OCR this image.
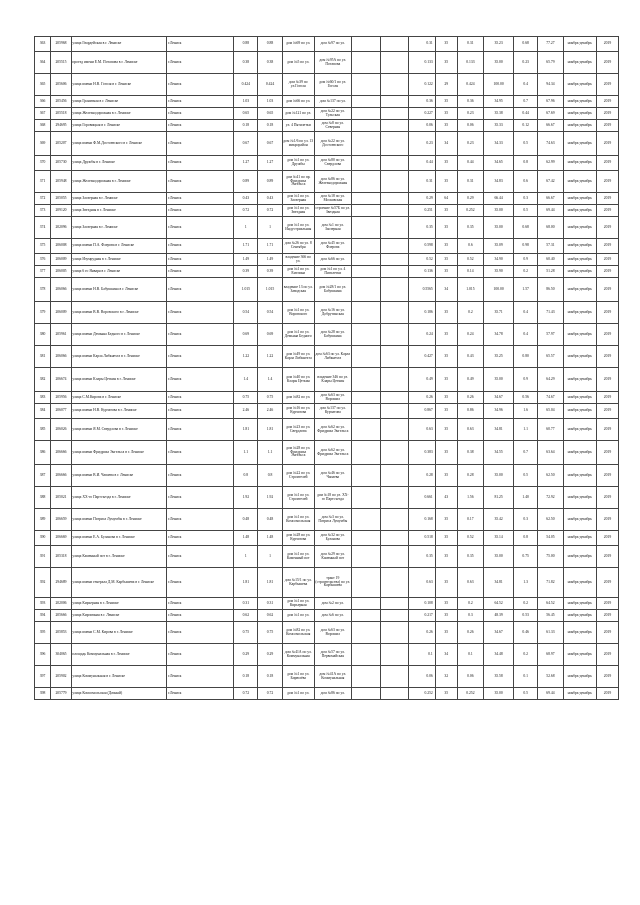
363	205968	улица Гвардейская в г. Лениске	г.Лениск	0.88	0.88	дом №69 по ул.	дом №97 по ул.			0.31	35	0.31	35.23	0.68	77.27	ноябрь-декабрь	2019
364	205515	проезд имени Е.М. Потапова в г. Лениске	г.Лениск	0.38	0.38	дом №5 по ул.	дом №95А по ул. Потапова			0.133	35	0.133	35.00	0.23	65.79	ноябрь-декабрь	2019
365	205606	улица имени Н.В. Гоголя в г. Лениске	г.Лениск	0.424	0.424	дом №39 по ул.Гоголя	дом №60/1 по ул. Гоголя			0.122	29	0.424	100.00	0.4	94.34	ноябрь-декабрь	2019
366	205456	улица Гранитная в г. Лениске	г.Лениск	1.03	1.03	дом №66 по ул.	дом №137 по ул.			0.36	35	0.36	34.95	0.7	67.96	ноябрь-декабрь	2019
367	205518	улица Железнодорожная в г. Лениске	г.Лениск	0.65	0.65	дом №121 по ул.	дом №22 по ул. Тульская			0.227	35	0.23	35.38	0.44	67.69	ноябрь-декабрь	2019
368	294695	улица Горовицкая в г. Лениске	г.Лениск	0.18	0.18	ул. 4 Пятилетки	дом №8 по ул. Северная			0.06	35	0.06	35.33	0.12	66.67	ноябрь-декабрь	2019
369	205207	улица имени Ф.М.Достоевского в г. Лениске	г.Лениск	0.67	0.67	дом №1/6 по ул. 13 микрорайон	дом №22 по ул. Достоевского			0.23	34	0.23	34.33	0.5	74.63	ноябрь-декабрь	2019
370	205730	улица Дружбы в г. Лениске	г.Лениск	1.27	1.27	дом №1 по ул. Дружбы	дом №80 по ул. Свердлова			0.44	35	0.44	34.65	0.8	62.99	ноябрь-декабрь	2019
371	205948	улица Железнодорожная в г. Лениске	г.Лениск	0.89	0.89	дом №41 по пр. Фридриха Энгельса	дом №86 по ул. Железнодорожная			0.31	35	0.31	34.83	0.6	67.42	ноябрь-декабрь	2019
372	205055	улица Заозерная в г. Лениске	г.Лениск	0.43	0.43	дом №1 по ул. Заозерная	дом №18 по ул. Московская			0.29	64	0.29	66.44	0.3	66.67	ноябрь-декабрь	2019
373	209120	улица Звездная в г. Лениске	г.Лениск	0.72	0.72	дом №1 по ул. Звездная	строение №57Б по ул. Звездная			0.251	35	0.252	35.00	0.5	69.44	ноябрь-декабрь	2019
374	202096	улица Заозерная в г. Лениске	г.Лениск	1	1	дом №1 по ул. Индустриальная	дом №1 по ул. Заозерная			0.35	35	0.35	35.00	0.68	68.00	ноябрь-декабрь	2019
375	206008	улица имени П.А. Флерова в г. Лениске	г.Лениск	1.71	1.71	дом №26 по ул. 8 Сентября	дом №45 по ул. Флерова			0.598	35	0.6	35.09	0.98	57.31	ноябрь-декабрь	2019
376	206009	улица Изумрудная в г. Лениске	г.Лениск	1.49	1.49	владение 366 по ул.	дом №66 по ул.			0.52	35	0.52	34.90	0.9	60.40	ноябрь-декабрь	2019
377	206005	улица 6 го Января в г. Лениске	г.Лениск	0.39	0.39	дом №1 по ул. Емелина	дом №1 по ул. 4 Пятилетки			0.136	35	0.14	35.90	0.2	51.28	ноябрь-декабрь	2019
378	206066	улица имени Н.В. Бабушкина в г. Лениске	г.Лениск	1.015	1.015	владение 13 по ул. Заводская	дом №28/1 по ул. Бабушкина			0.5565	34	1.015	100.00	1.57	86.50	ноябрь-декабрь	2019
379	206009	улица имени В.В. Воровского в г. Лениске	г.Лениск	0.54	0.54	дом №1 по ул. Воровского	дом №16 по ул. Добрутинская			0.186	35	0.2	35.71	0.4	71.43	ноябрь-декабрь	2019
380	205961	улица имени Демьяна Бедного в г. Лениске	г.Лениск	0.69	0.69	дом №1 по ул. Демьяна Бедного	дом №28 по ул. Бабушкина			0.24	35	0.24	34.78	0.4	57.97	ноябрь-декабрь	2019
381	206066	улица имени Карла Либкнехта в г. Лениске	г.Лениск	1.22	1.22	дом №49 по ул. Карла Либкнехта	дом №63 по ул. Карла Либкнехта			0.427	35	0.43	35.25	0.80	65.57	ноябрь-декабрь	2019
382	206674	улица имени Клары Цеткин в г. Лениске	г.Лениск	1.4	1.4	дом №40 по ул. Клары Цеткин	владение 346 по ул. Клары Цеткин			0.49	35	0.49	35.00	0.9	64.29	ноябрь-декабрь	2019
383	205956	улица С.М.Кирова в г. Лениске	г.Лениск	0.75	0.75	дом №82 по ул.	дом №63 по ул. Ворошил			0.26	35	0.26	34.67	0.56	74.67	ноябрь-декабрь	2019
384	206077	улица имени Н.В. Курчатова в г. Лениске	г.Лениск	2.46	2.46	дом №16 по ул. Курчатова	дом №137 по ул. Курчатова			0.867	35	0.86	34.96	1.6	65.04	ноябрь-декабрь	2019
385	206026	улица имени Я.М. Свердлова в г. Лениске	г.Лениск	1.81	1.81	дом №23 по ул. Свердлова	дом №62 по ул. Фридриха Энгельса			0.63	35	0.63	34.81	1.1	60.77	ноябрь-декабрь	2019
386	206666	улица имени Фридриха Энгельса в г. Лениске	г.Лениск	1.1	1.1	дом №28 по ул. Фридриха Энгельса	дом №62 по ул. Фридриха Энгельса			0.383	35	0.38	34.55	0.7	63.64	ноябрь-декабрь	2019
387	206666	улица имени В.И. Чапаева в г. Лениске	г.Лениск	0.8	0.8	дом №22 по ул. Строителей	дом №46 по ул. Чапаева			0.28	35	0.28	35.00	0.5	62.50	ноябрь-декабрь	2019
388	205021	улица XX-го Партсъезда в г. Лениске	г.Лениск	1.92	1.92	дом №1 по ул. Строителей	дом №18 по ул. XX-го Партсъезда			0.661	43	1.56	81.25	1.40	72.92	ноябрь-декабрь	2019
389	206659	улица имени Патриса Лумумбы в г. Лениске	г.Лениск	0.48	0.48	дом №1 по ул. Комсомольская	дом №3 по ул. Патриса Лумумбы			0.168	35	0.17	35.42	0.3	62.50	ноябрь-декабрь	2019
390	206669	улица имени Е.А. Буланова в г. Лениске	г.Лениск	1.48	1.48	дом №28 по ул. Курчатова	дом №32 по ул. Буланова			0.518	35	0.52	35.14	0.8	54.05	ноябрь-декабрь	2019
391	205318	улица Каменный пот в г. Лениске	г.Лениск	1	1	дом №1 по ул. Каменный пот	дом №29 по ул. Каменный пот			0.35	35	0.35	35.00	0.75	75.00	ноябрь-декабрь	2019
392	294689	улица имени генерала Д.М. Карбышева в г. Лениске	г.Лениск	1.81	1.81	дом №15/1 по ул. Карбышева	тракт 19 (строительства) по ул. Карбышева			0.63	35	0.63	34.81	1.3	71.82	ноябрь-декабрь	2019
393	202006	улица Кирьерная в г. Лениске	г.Лениск	0.31	0.31	дом №1 по ул. Кирьерная	дом №2 по ул.			0.108	35	0.2	64.52	0.2	64.52	ноябрь-декабрь	2019
394	205666	улица Кирпичная в г. Лениске	г.Лениск	0.62	0.62	дом №1 по ул.	дом №6 по ул.			0.217	35	0.3	48.39	0.53	56.45	ноябрь-декабрь	2019
395	205853	улица имени С.М. Кирова в г. Лениске	г.Лениск	0.75	0.75	дом №82 по ул. Комсомольская	дом №63 по ул. Ворошил			0.26	35	0.26	34.67	0.46	61.33	ноябрь-декабрь	2019
396	304065	площадь Коммунальная в г. Лениске	г.Лениск	0.29	0.29	дом №41А по ул. Коммунальная	дом №57 по ул. Первомайская			0.1	34	0.1	34.48	0.2	68.97	ноябрь-декабрь	2019
397	205902	улица Коммунальная в г. Лениске	г.Лениск	0.18	0.18	дом №1 по ул. Бирюлёва	дом №41А по ул. Коммунальная			0.06	32	0.06	35.58	0.1	52.68	ноябрь-декабрь	2019
398	205779	улица Комсомольская (Дачный)	г.Лениск	0.72	0.72	дом №1 по ул.	дом №86 по ул.			0.252	35	0.252	35.00	0.5	69.44	ноябрь-декабрь	2019
